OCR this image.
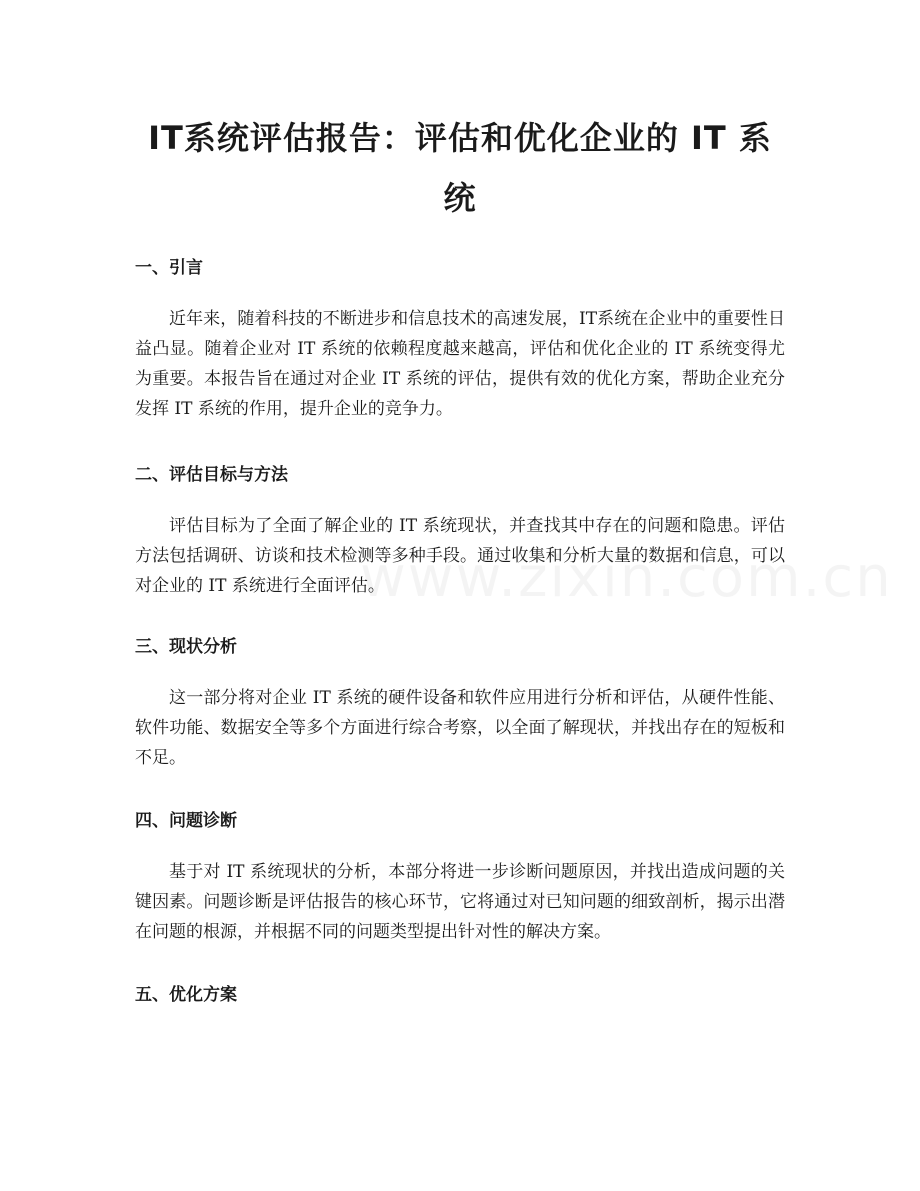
IT系统评估报告：评估和优化企业的 IT 系统
一、引言

近年来，随着科技的不断进步和信息技术的高速发展，IT系统在企业中的重要性日益凸显。随着企业对 IT 系统的依赖程度越来越高，评估和优化企业的 IT 系统变得尤为重要。本报告旨在通过对企业 IT 系统的评估，提供有效的优化方案，帮助企业充分发挥 IT 系统的作用，提升企业的竞争力。

二、评估目标与方法

评估目标为了全面了解企业的 IT 系统现状，并查找其中存在的问题和隐患。评估方法包括调研、访谈和技术检测等多种手段。通过收集和分析大量的数据和信息，可以对企业的 IT 系统进行全面评估。

三、现状分析

这一部分将对企业 IT 系统的硬件设备和软件应用进行分析和评估，从硬件性能、软件功能、数据安全等多个方面进行综合考察，以全面了解现状，并找出存在的短板和不足。

四、问题诊断

基于对 IT 系统现状的分析，本部分将进一步诊断问题原因，并找出造成问题的关键因素。问题诊断是评估报告的核心环节，它将通过对已知问题的细致剖析，揭示出潜在问题的根源，并根据不同的问题类型提出针对性的解决方案。

五、优化方案
